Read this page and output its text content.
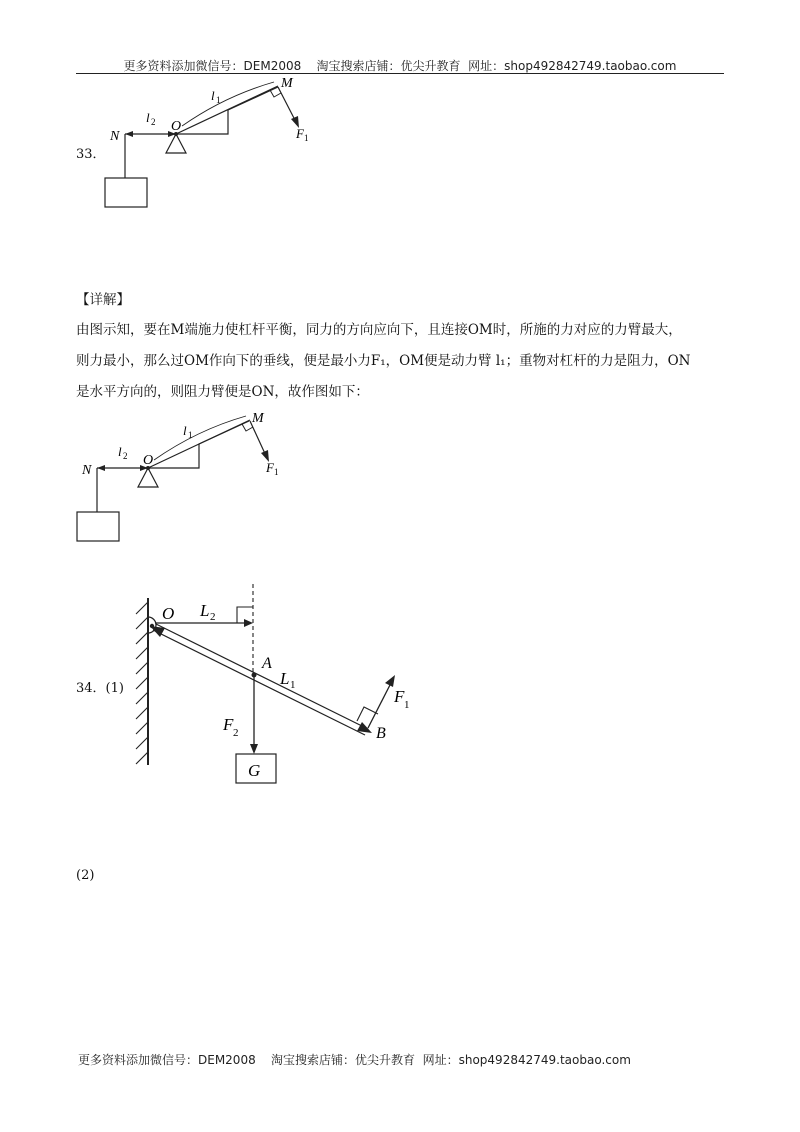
更多资料添加微信号：DEM2008    淘宝搜索店铺：优尖升教育  网址：shop492842749.taobao.com
33．
N
O
M
l 2
l 1
F 1
【详解】
由图示知，要在M端施力使杠杆平衡，同力的方向应向下，且连接OM时，所施的力对应的力臂最大，
则力最小，那么过OM作向下的垂线，便是最小力F₁，OM便是动力臂 l₁；重物对杠杆的力是阻力，ON
是水平方向的，则阻力臂便是ON，故作图如下：
N
O
M
l 2
l 1
F 1
34．(1)
O L 2
A
L 1
F 2
F 1
B
G
(2)
更多资料添加微信号：DEM2008    淘宝搜索店铺：优尖升教育  网址：shop492842749.taobao.com
